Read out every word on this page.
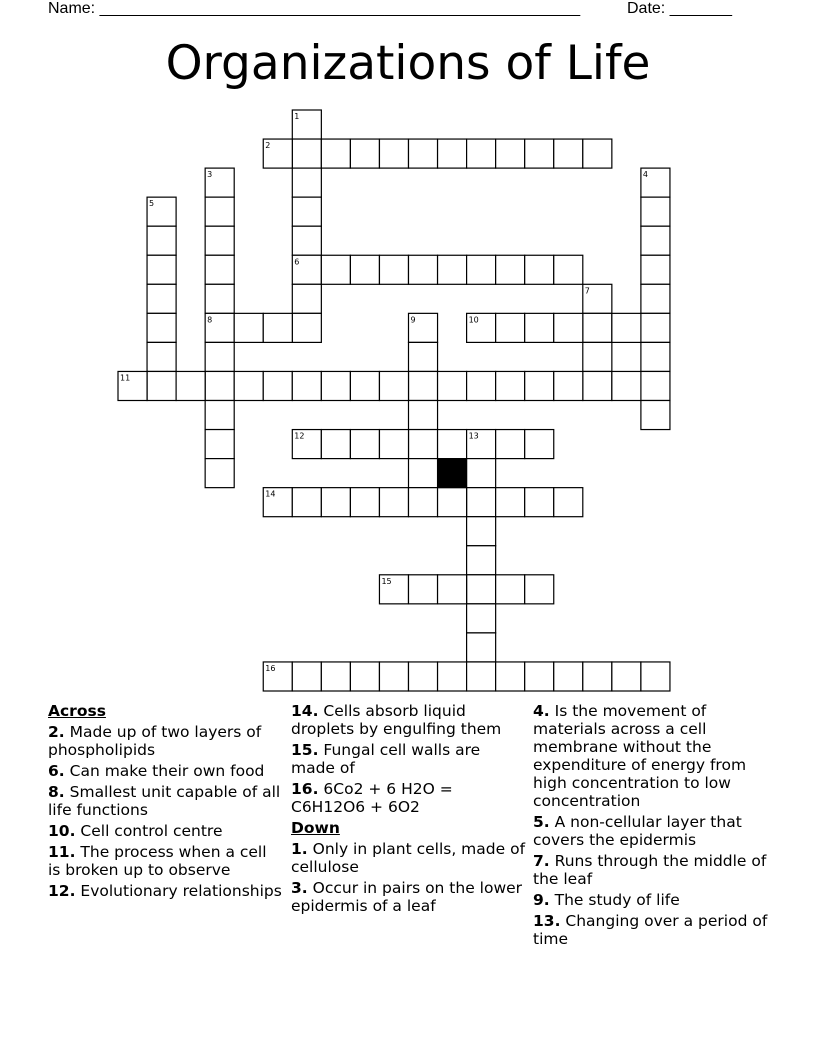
Name: ______________________________________________________	Date: _______
Organizations of Life
1
2
3	4
5
6
7
8	9	10
11
12	13
14
15
16
Across
2. Made up of two layers of phospholipids
6. Can make their own food
8. Smallest unit capable of all life functions
10. Cell control centre
11. The process when a cell is broken up to observe
12. Evolutionary relationships
14. Cells absorb liquid droplets by engulfing them
15. Fungal cell walls are made of
16. 6Co2 + 6 H2O = C6H12O6 + 6O2
Down
1. Only in plant cells, made of cellulose
3. Occur in pairs on the lower epidermis of a leaf
4. Is the movement of materials across a cell membrane without the expenditure of energy from high concentration to low concentration
5. A non-cellular layer that covers the epidermis
7. Runs through the middle of the leaf
9. The study of life
13. Changing over a period of time
